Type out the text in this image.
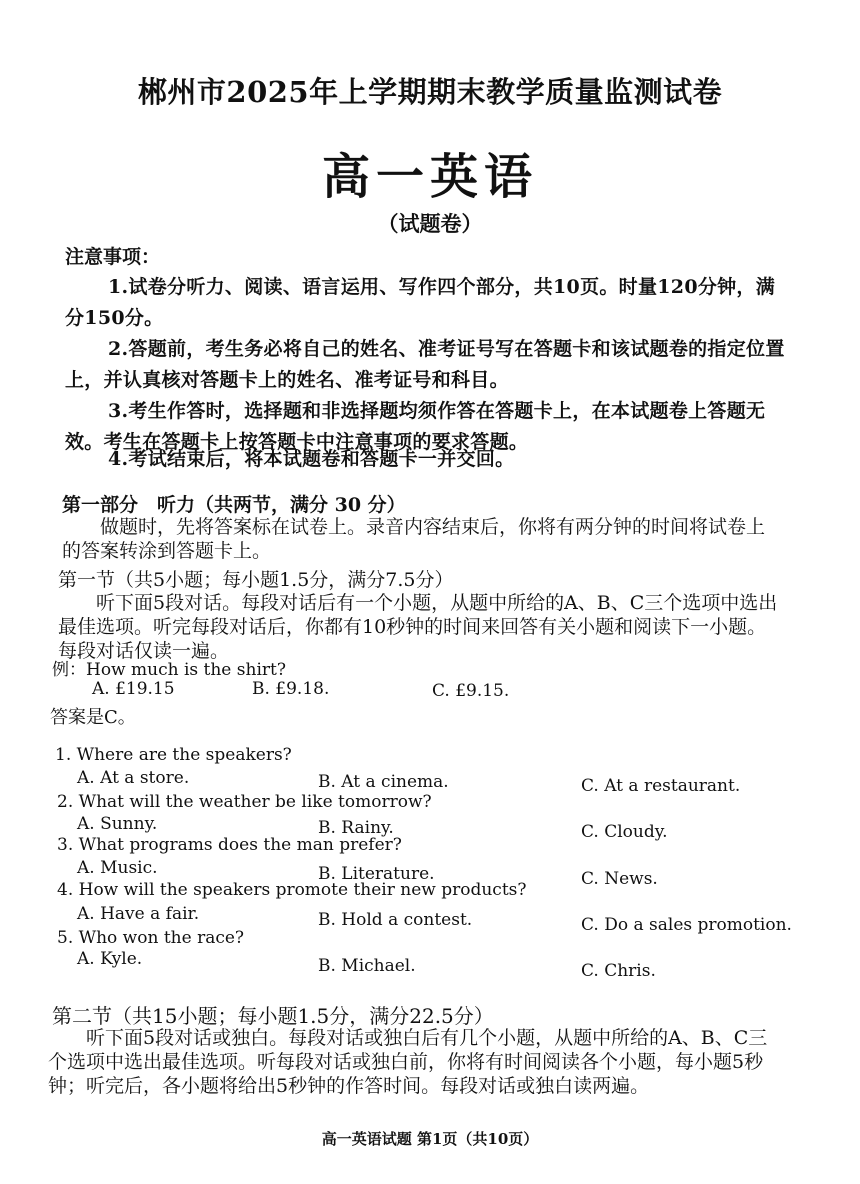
郴州市2025年上学期期末教学质量监测试卷
高一英语
（试题卷）
注意事项：
1.试卷分听力、阅读、语言运用、写作四个部分，共10页。时量120分钟，满分150分。
2.答题前，考生务必将自己的姓名、准考证号写在答题卡和该试题卷的指定位置上，并认真核对答题卡上的姓名、准考证号和科目。
3.考生作答时，选择题和非选择题均须作答在答题卡上，在本试题卷上答题无效。考生在答题卡上按答题卡中注意事项的要求答题。
4.考试结束后，将本试题卷和答题卡一并交回。
第一部分　听力（共两节，满分 30 分）
做题时，先将答案标在试卷上。录音内容结束后，你将有两分钟的时间将试卷上的答案转涂到答题卡上。
第一节（共5小题；每小题1.5分，满分7.5分）
听下面5段对话。每段对话后有一个小题，从题中所给的A、B、C三个选项中选出最佳选项。听完每段对话后，你都有10秒钟的时间来回答有关小题和阅读下一小题。每段对话仅读一遍。
例：How much is the shirt?
A. £19.15	B. £9.18.	C. £9.15.
答案是C。
1. Where are the speakers?
A. At a store.	B. At a cinema.	C. At a restaurant.
2. What will the weather be like tomorrow?
A. Sunny.	B. Rainy.	C. Cloudy.
3. What programs does the man prefer?
A. Music.	B. Literature.	C. News.
4. How will the speakers promote their new products?
A. Have a fair.	B. Hold a contest.	C. Do a sales promotion.
5. Who won the race?
A. Kyle.	B. Michael.	C. Chris.
第二节（共15小题；每小题1.5分，满分22.5分）
听下面5段对话或独白。每段对话或独白后有几个小题，从题中所给的A、B、C三个选项中选出最佳选项。听每段对话或独白前，你将有时间阅读各个小题，每小题5秒钟；听完后，各小题将给出5秒钟的作答时间。每段对话或独白读两遍。
高一英语试题 第1页（共10页）
